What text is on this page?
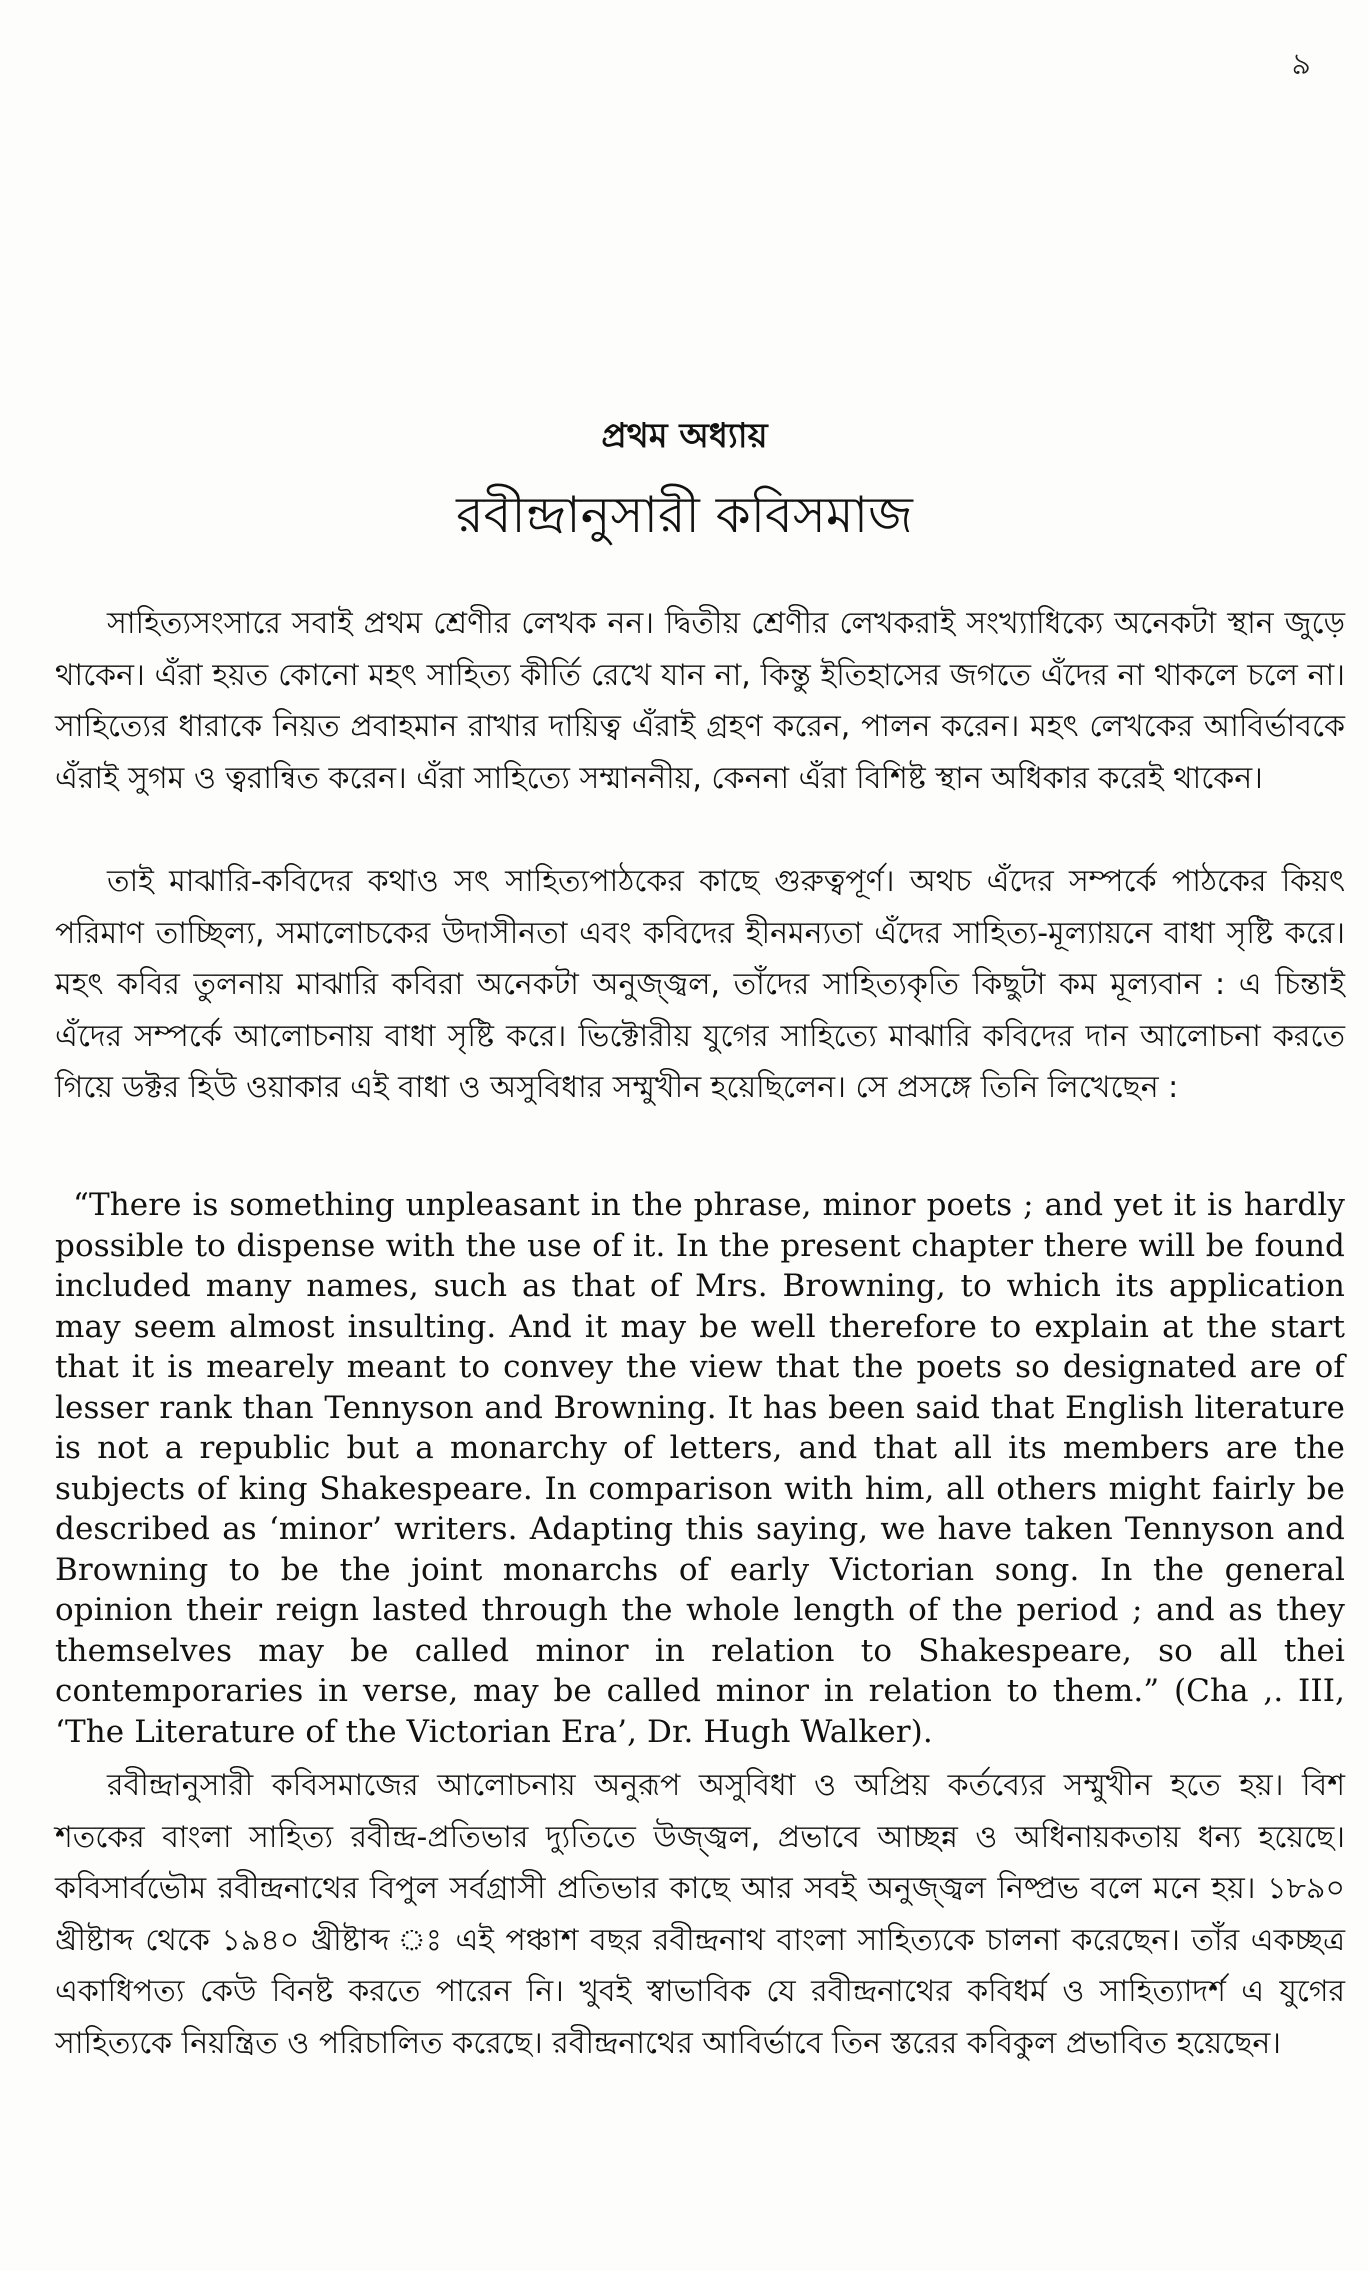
৯
প্রথম অধ্যায়
রবীন্দ্রানুসারী কবিসমাজ

সাহিত্যসংসারে সবাই প্রথম শ্রেণীর লেখক নন। দ্বিতীয় শ্রেণীর লেখকরাই সংখ্যাধিক্যে অনেকটা স্থান জুড়ে থাকেন। এঁরা হয়ত কোনো মহৎ সাহিত্য কীর্তি রেখে যান না, কিন্তু ইতিহাসের জগতে এঁদের না থাকলে চলে না। সাহিত্যের ধারাকে নিয়ত প্রবাহমান রাখার দায়িত্ব এঁরাই গ্রহণ করেন, পালন করেন। মহৎ লেখকের আবির্ভাবকে এঁরাই সুগম ও ত্বরান্বিত করেন। এঁরা সাহিত্যে সম্মাননীয়, কেননা এঁরা বিশিষ্ট স্থান অধিকার করেই থাকেন।

তাই মাঝারি-কবিদের কথাও সৎ সাহিত্যপাঠকের কাছে গুরুত্বপূর্ণ। অথচ এঁদের সম্পর্কে পাঠকের কিয়ৎ পরিমাণ তাচ্ছিল্য, সমালোচকের উদাসীনতা এবং কবিদের হীনমন্যতা এঁদের সাহিত্য-মূল্যায়নে বাধা সৃষ্টি করে। মহৎ কবির তুলনায় মাঝারি কবিরা অনেকটা অনুজ্জ্বল, তাঁদের সাহিত্যকৃতি কিছুটা কম মূল্যবান : এ চিন্তাই এঁদের সম্পর্কে আলোচনায় বাধা সৃষ্টি করে। ভিক্টোরীয় যুগের সাহিত্যে মাঝারি কবিদের দান আলোচনা করতে গিয়ে ডক্টর হিউ ওয়াকার এই বাধা ও অসুবিধার সম্মুখীন হয়েছিলেন। সে প্রসঙ্গে তিনি লিখেছেন :

“There is something unpleasant in the phrase, minor poets ; and yet it is hardly possible to dispense with the use of it. In the present chapter there will be found included many names, such as that of Mrs. Browning, to which its application may seem almost insulting. And it may be well therefore to explain at the start that it is mearely meant to convey the view that the poets so designated are of lesser rank than Tennyson and Browning. It has been said that English literature is not a republic but a monarchy of letters, and that all its members are the subjects of king Shakespeare. In comparison with him, all others might fairly be described as ‘minor’ writers. Adapting this saying, we have taken Tennyson and Browning to be the joint monarchs of early Victorian song. In the general opinion their reign lasted through the whole length of the period ; and as they themselves may be called minor in relation to Shakespeare, so all thei contemporaries in verse, may be called minor in relation to them.” (Cha ,. III, ‘The Literature of the Victorian Era’, Dr. Hugh Walker).

রবীন্দ্রানুসারী কবিসমাজের আলোচনায় অনুরূপ অসুবিধা ও অপ্রিয় কর্তব্যের সম্মুখীন হতে হয়। বিশ শতকের বাংলা সাহিত্য রবীন্দ্র-প্রতিভার দ্যুতিতে উজ্জ্বল, প্রভাবে আচ্ছন্ন ও অধিনায়কতায় ধন্য হয়েছে। কবিসার্বভৌম রবীন্দ্রনাথের বিপুল সর্বগ্রাসী প্রতিভার কাছে আর সবই অনুজ্জ্বল নিষ্প্রভ বলে মনে হয়। ১৮৯০ খ্রীষ্টাব্দ থেকে ১৯৪০ খ্রীষ্টাব্দ ঃ এই পঞ্চাশ বছর রবীন্দ্রনাথ বাংলা সাহিত্যকে চালনা করেছেন। তাঁর একচ্ছত্র একাধিপত্য কেউ বিনষ্ট করতে পারেন নি। খুবই স্বাভাবিক যে রবীন্দ্রনাথের কবিধর্ম ও সাহিত্যাদর্শ এ যুগের সাহিত্যকে নিয়ন্ত্রিত ও পরিচালিত করেছে। রবীন্দ্রনাথের আবির্ভাবে তিন স্তরের কবিকুল প্রভাবিত হয়েছেন।
